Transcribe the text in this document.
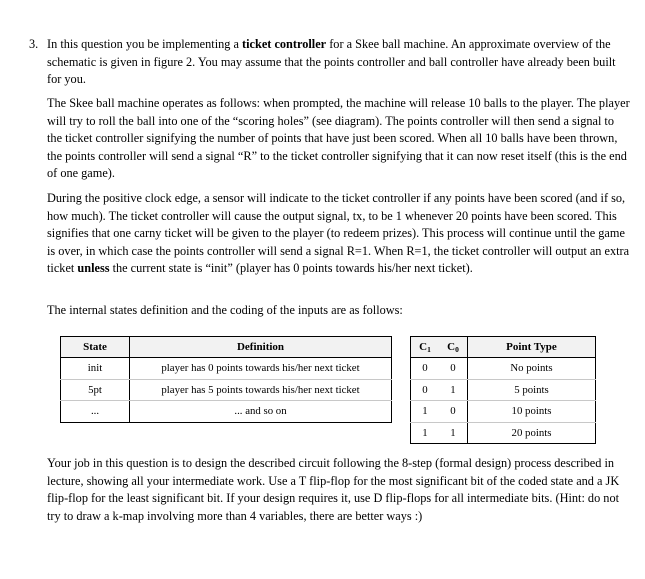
3. In this question you be implementing a ticket controller for a Skee ball machine. An approximate overview of the schematic is given in figure 2. You may assume that the points controller and ball controller have already been built for you.

The Skee ball machine operates as follows: when prompted, the machine will release 10 balls to the player. The player will try to roll the ball into one of the “scoring holes” (see diagram). The points controller will then send a signal to the ticket controller signifying the number of points that have just been scored. When all 10 balls have been thrown, the points controller will send a signal “R” to the ticket controller signifying that it can now reset itself (this is the end of one game).

During the positive clock edge, a sensor will indicate to the ticket controller if any points have been scored (and if so, how much). The ticket controller will cause the output signal, tx, to be 1 whenever 20 points have been scored. This signifies that one carny ticket will be given to the player (to redeem prizes). This process will continue until the game is over, in which case the points controller will send a signal R=1. When R=1, the ticket controller will output an extra ticket unless the current state is “init” (player has 0 points towards his/her next ticket).

The internal states definition and the coding of the inputs are as follows:

State	Definition
init	player has 0 points towards his/her next ticket
5pt	player has 5 points towards his/her next ticket
...	... and so on
$C_1$	$C_0$	Point Type
0	0	No points
0	1	5 points
1	0	10 points
1	1	20 points

Your job in this question is to design the described circuit following the 8-step (formal design) process described in lecture, showing all your intermediate work. Use a T flip-flop for the most significant bit of the coded state and a JK flip-flop for the least significant bit. If your design requires it, use D flip-flops for all intermediate bits. (Hint: do not try to draw a k-map involving more than 4 variables, there are better ways :)
